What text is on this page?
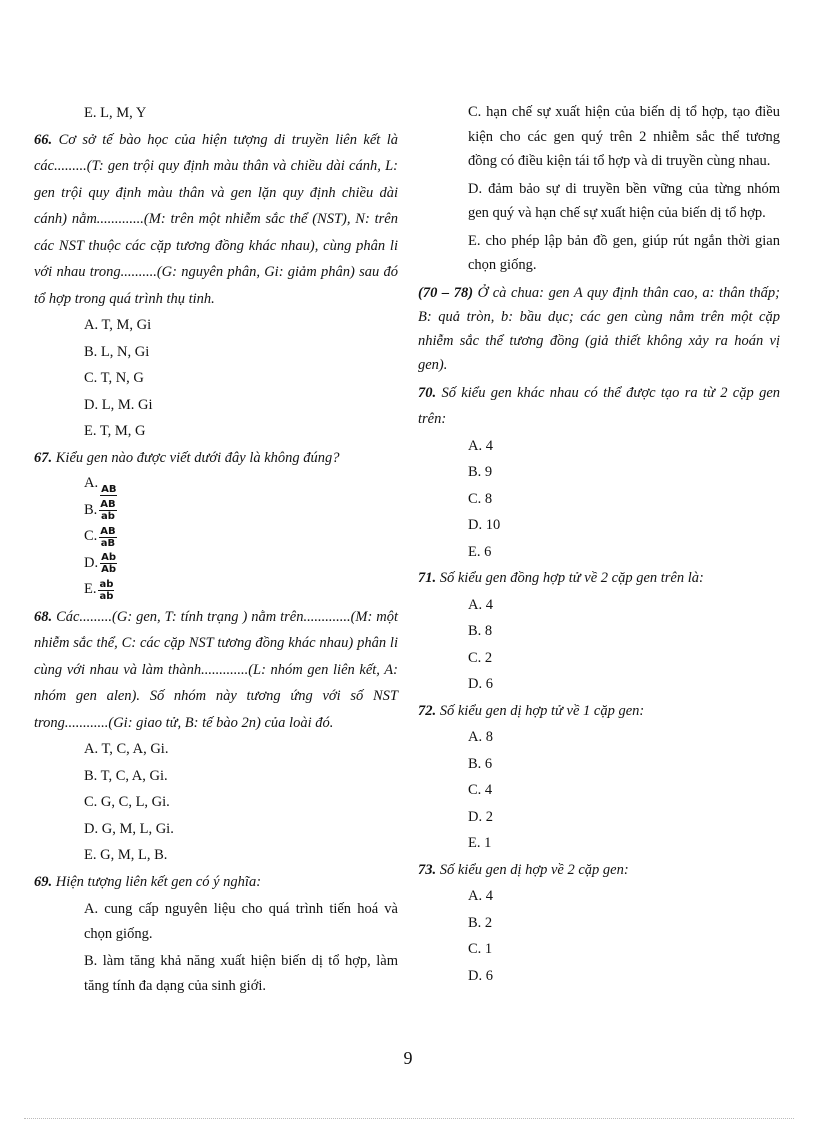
E. L, M, Y

66. Cơ sở tế bào học của hiện tượng di truyền liên kết là các.........(T: gen trội quy định màu thân và chiều dài cánh, L: gen trội quy định màu thân và gen lặn quy định chiều dài cánh) nằm.............(M: trên một nhiễm sắc thể (NST), N: trên các NST thuộc các cặp tương đồng khác nhau), cùng phân li với nhau trong..........(G: nguyên phân, Gi: giảm phân) sau đó tổ hợp trong quá trình thụ tinh.

A. T, M, Gi

B. L, N, Gi

C. T, N, G

D. L, M. Gi

E. T, M, G

67. Kiểu gen nào được viết dưới đây là không đúng?

A. AB
B. $\frac{AB}{ab}$
C. $\frac{AB}{aB}$
D. $\frac{Ab}{Ab}$
E. $\frac{ab}{ab}$

68. Các.........(G: gen, T: tính trạng ) nằm trên.............(M: một nhiễm sắc thể, C: các cặp NST tương đồng khác nhau) phân li cùng với nhau và làm thành.............(L: nhóm gen liên kết, A: nhóm gen alen). Số nhóm này tương ứng với số NST trong............(Gi: giao tử, B: tế bào 2n) của loài đó.

A. T, C, A, Gi.

B. T, C, A, Gi.

C. G, C, L, Gi.

D. G, M, L, Gi.

E. G, M, L, B.

69. Hiện tượng liên kết gen có ý nghĩa:

A. cung cấp nguyên liệu cho quá trình tiến hoá và chọn giống.

B. làm tăng khả năng xuất hiện biến dị tổ hợp, làm tăng tính đa dạng của sinh giới.

C. hạn chế sự xuất hiện của biến dị tổ hợp, tạo điều kiện cho các gen quý trên 2 nhiễm sắc thể tương đồng có điều kiện tái tổ hợp và di truyền cùng nhau.

D. đảm bảo sự di truyền bền vững của từng nhóm gen quý và hạn chế sự xuất hiện của biến dị tổ hợp.

E. cho phép lập bản đồ gen, giúp rút ngắn thời gian chọn giống.

(70 – 78) Ở cà chua: gen A quy định thân cao, a: thân thấp; B: quả tròn, b: bầu dục; các gen cùng nằm trên một cặp nhiễm sắc thể tương đồng (giả thiết không xảy ra hoán vị gen).

70. Số kiểu gen khác nhau có thể được tạo ra từ 2 cặp gen trên:

A. 4

B. 9

C. 8

D. 10

E. 6

71. Số kiểu gen đồng hợp tử về 2 cặp gen trên là:

A. 4

B. 8

C. 2

D. 6

72. Số kiểu gen dị hợp tử về 1 cặp gen:

A. 8

B. 6

C. 4

D. 2

E. 1

73. Số kiểu gen dị hợp về 2 cặp gen:

A. 4

B. 2

C. 1

D. 6

9
